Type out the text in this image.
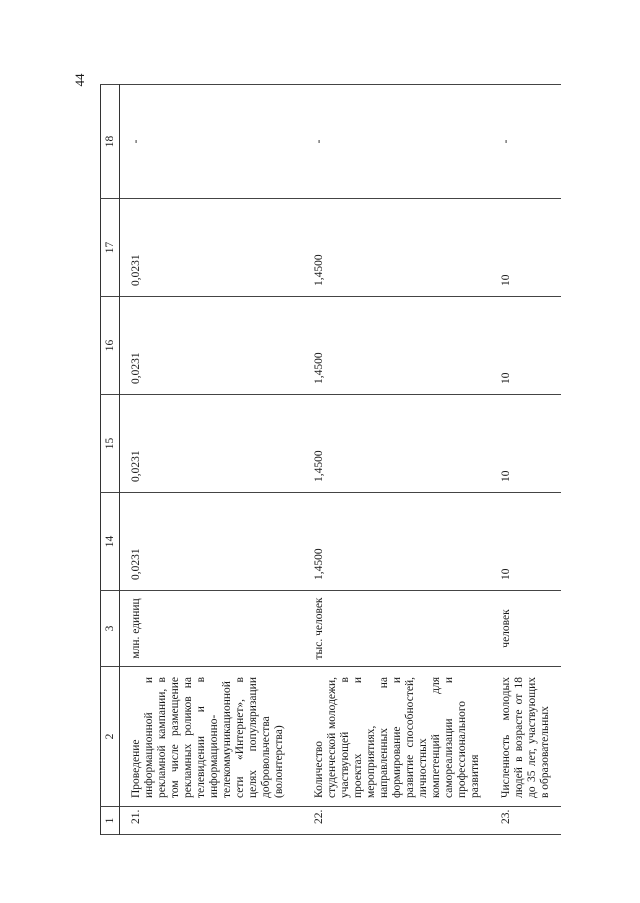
44
1	2	3	14	15	16	17	18
21.	Проведение информационной и рекламной кампании, в том числе размещение рекламных роликов на телевидении и в информационно-телекоммуникационной сети «Интернет», в целях популяризации добровольчества (волонтерства)	млн. единиц	0,0231	0,0231	0,0231	0,0231	-
22.	Количество студенческой молодежи, участвующей в проектах и мероприятиях, направленных на формирование и развитие способностей, личностных компетенций для самореализации и профессионального развития	тыс. человек	1,4500	1,4500	1,4500	1,4500	-
23.	Численность молодых людей в возрасте от 18 до 35 лет, участвующих в образовательных	человек	10	10	10	10	-
